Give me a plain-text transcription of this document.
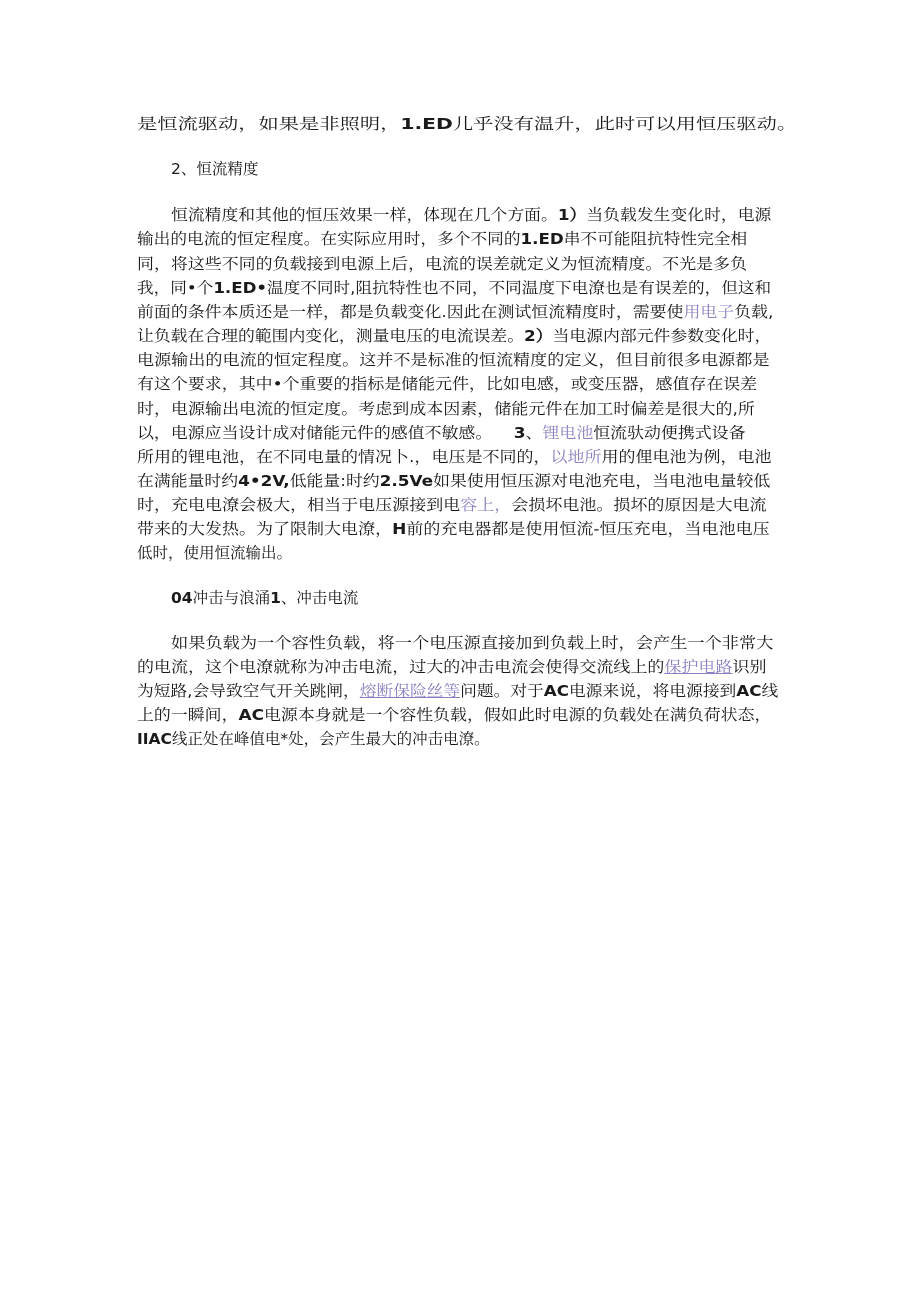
是恒流驱动，如果是非照明，1.ED儿乎没有温升，此时可以用恒压驱动。
2、恒流精度
恒流精度和其他的恒压效果一样，体现在几个方面。1）当负载发生变化时，电源
输出的电流的恒定程度。在实际应用时，多个不同的1.ED串不可能阻抗特性完全相
同，将这些不同的负载接到电源上后，电流的误差就定义为恒流精度。不光是多负
我，同•个1.ED•温度不同时,阻抗特性也不同，不同温度下电潦也是有误差的，但这和
前面的条件本质还是一样，都是负载变化.因此在测试恒流精度时，需要使用电子负载,
让负载在合理的範围内变化，测量电压的电流误差。2）当电源内部元件参数变化时，
电源输出的电流的恒定程度。这并不是标准的恒流精度的定义，但目前很多电源都是
有这个要求，其中•个重要的指标是储能元件，比如电感，或变压器，感值存在误差
时，电源输出电流的恒定度。考虑到成本因素，储能元件在加工时偏差是很大的,所
以，电源应当设计成对储能元件的感值不敏感。    3、锂电池恒流驮动便携式设备
所用的锂电池，在不同电量的情况卜.，电压是不同的，以地所用的俚电池为例，电池
在满能量时约4•2V,低能量:时约2.5Ve如果使用恒压源对电池充电，当电池电量较低
时，充电电潦会极大，相当于电压源接到电容上，会损坏电池。损坏的原因是大电流
带来的大发热。为了限制大电潦，H前的充电器都是使用恒流-恒压充电，当电池电压
低时，使用恒流输出。
04冲击与浪涌1、冲击电流
如果负载为一个容性负载，将一个电压源直接加到负载上时，会产生一个非常大
的电流，这个电潦就称为冲击电流，过大的冲击电流会使得交流线上的保护电路识别
为短路,会导致空气开关跳闸，熔断保险丝等问题。对于AC电源来说，将电源接到AC线
上的一瞬间，AC电源本身就是一个容性负载，假如此时电源的负载处在满负荷状态，
IIAC线正处在峰值电*处，会产生最大的冲击电潦。
